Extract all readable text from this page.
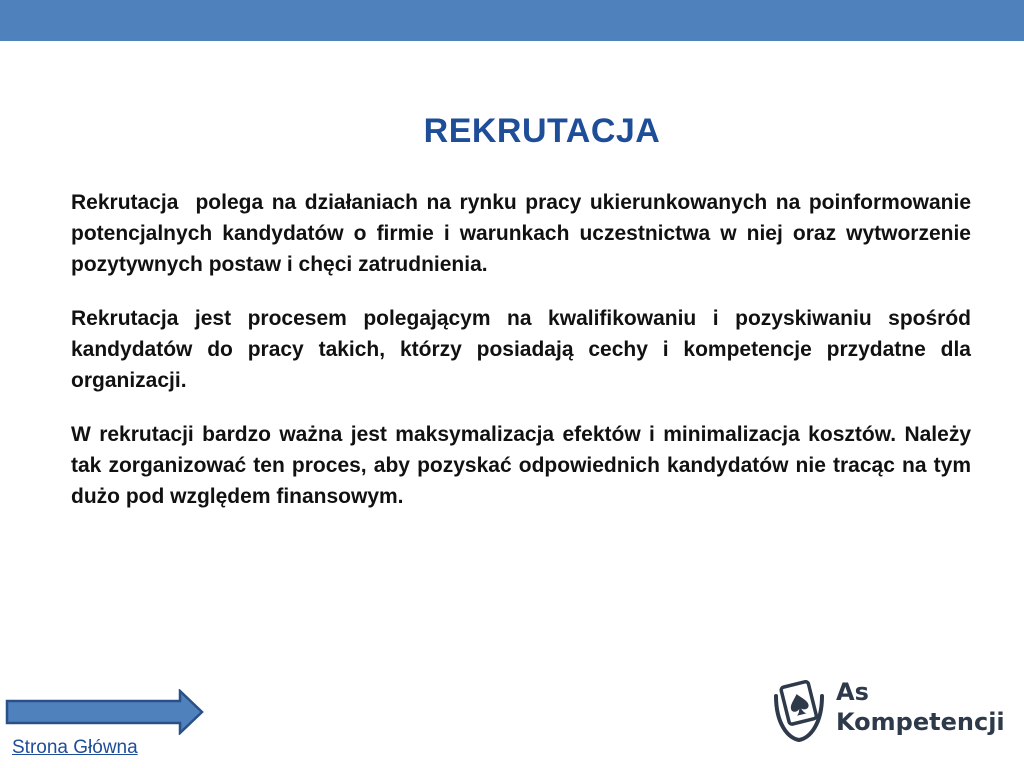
REKRUTACJA

Rekrutacja  polega na działaniach na rynku pracy ukierunkowanych na poinformowanie potencjalnych kandydatów o firmie i warunkach uczestnictwa w niej oraz wytworzenie pozytywnych postaw i chęci zatrudnienia.

Rekrutacja jest procesem polegającym na kwalifikowaniu i pozyskiwaniu spośród kandydatów do pracy takich, którzy posiadają cechy i kompetencje przydatne dla organizacji.

W rekrutacji bardzo ważna jest maksymalizacja efektów i minimalizacja kosztów. Należy tak zorganizować ten proces, aby pozyskać odpowiednich kandydatów nie tracąc na tym dużo pod względem finansowym.

Strona Główna
As
Kompetencji
